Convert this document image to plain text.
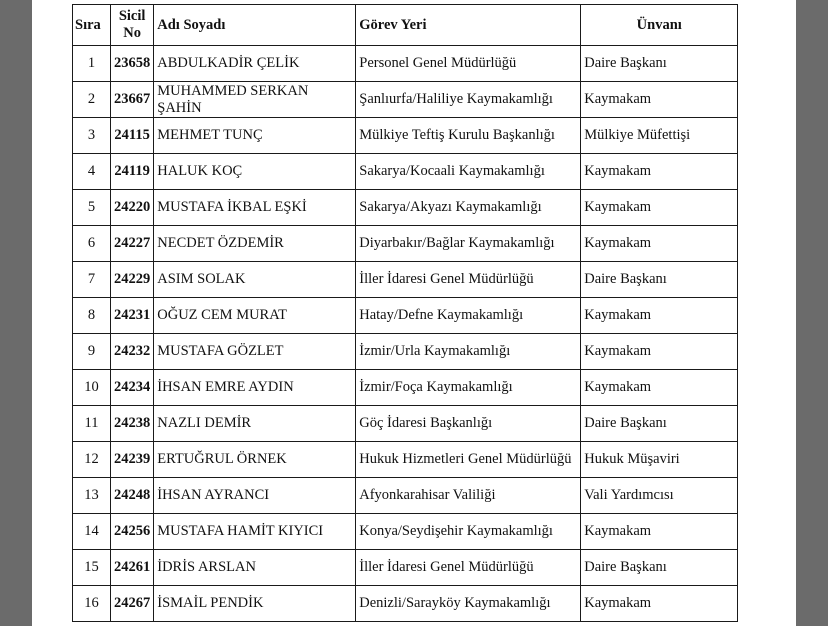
Sıra	Sicil No	Adı Soyadı	Görev Yeri	Ünvanı
1	23658	ABDULKADİR ÇELİK	Personel Genel Müdürlüğü	Daire Başkanı
2	23667	MUHAMMED SERKAN ŞAHİN	Şanlıurfa/Haliliye Kaymakamlığı	Kaymakam
3	24115	MEHMET TUNÇ	Mülkiye Teftiş Kurulu Başkanlığı	Mülkiye Müfettişi
4	24119	HALUK KOÇ	Sakarya/Kocaali Kaymakamlığı	Kaymakam
5	24220	MUSTAFA İKBAL EŞKİ	Sakarya/Akyazı Kaymakamlığı	Kaymakam
6	24227	NECDET ÖZDEMİR	Diyarbakır/Bağlar Kaymakamlığı	Kaymakam
7	24229	ASIM SOLAK	İller İdaresi Genel Müdürlüğü	Daire Başkanı
8	24231	OĞUZ CEM MURAT	Hatay/Defne Kaymakamlığı	Kaymakam
9	24232	MUSTAFA GÖZLET	İzmir/Urla Kaymakamlığı	Kaymakam
10	24234	İHSAN EMRE AYDIN	İzmir/Foça Kaymakamlığı	Kaymakam
11	24238	NAZLI DEMİR	Göç İdaresi Başkanlığı	Daire Başkanı
12	24239	ERTUĞRUL ÖRNEK	Hukuk Hizmetleri Genel Müdürlüğü	Hukuk Müşaviri
13	24248	İHSAN AYRANCI	Afyonkarahisar Valiliği	Vali Yardımcısı
14	24256	MUSTAFA HAMİT KIYICI	Konya/Seydişehir Kaymakamlığı	Kaymakam
15	24261	İDRİS ARSLAN	İller İdaresi Genel Müdürlüğü	Daire Başkanı
16	24267	İSMAİL PENDİK	Denizli/Sarayköy Kaymakamlığı	Kaymakam
